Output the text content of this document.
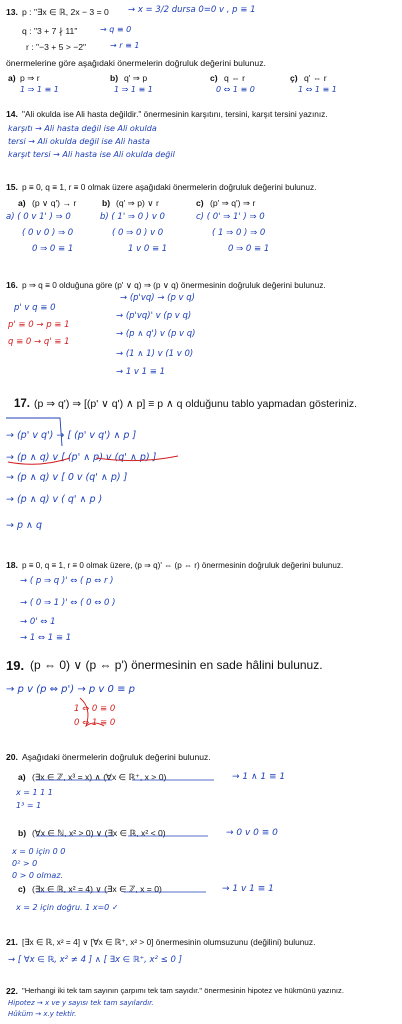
13. p : "∃x ∈ ℝ, 2x − 3 = 0 → x = 3/2 dursa 0=0 v , p ≡ 1
q : "3 + 7 ∤ 11"	→ q ≡ 0
r : "−3 + 5 > −2"	→ r ≡ 1
önermelerine göre aşağıdaki önermelerin doğruluk değerini bulunuz.
a) p ⇒ r
1 ⇒ 1 ≡ 1
b) q' ⇒ p
1 ⇒ 1 ≡ 1
c) q ⇔ r
0 ⇔ 1 ≡ 0
ç) q' ⇔ r
1 ⇔ 1 ≡ 1
14. "Ali okulda ise Ali hasta değildir." önermesinin karşıtını, tersini, karşıt tersini yazınız.
karşıtı → Ali hasta değil ise Ali okulda
tersi → Ali okulda değil ise Ali hasta
karşıt tersi → Ali hasta ise Ali okulda değil
15. p ≡ 0, q ≡ 1, r ≡ 0 olmak üzere aşağıdaki önermelerin doğruluk değerini bulunuz.
a) (p ∨ q') → r
a) ( 0 v 1' ) ⇒ 0
( 0 v 0 ) ⇒ 0
0 ⇒ 0 ≡ 1
b) (q' ⇒ p) ∨ r
b) ( 1' ⇒ 0 ) v 0
( 0 ⇒ 0 ) v 0
1 v 0 ≡ 1
c) (p' ⇒ q') ⇒ r
c) ( 0' ⇒ 1' ) ⇒ 0
( 1 ⇒ 0 ) ⇒ 0
0 ⇒ 0 ≡ 1
16. p ⇒ q ≡ 0 olduğuna göre (p' ∨ q) ⇒ (p ∨ q) önermesinin doğruluk değerini bulunuz.
p' v q ≡ 0
p' ≡ 0 → p ≡ 1
q ≡ 0 → q' ≡ 1
→ (p'vq) → (p v q)
→ (p'vq)' v (p v q)
→ (p ∧ q') v (p v q)
→ (1 ∧ 1) v (1 v 0)
→ 1 v 1 ≡ 1
17. (p ⇒ q') ⇒ [(p' ∨ q') ∧ p] ≡ p ∧ q olduğunu tablo yapmadan gösteriniz.
→ (p' v q') → [ (p' v q') ∧ p ]
→ (p ∧ q) v [ (p' ∧ p) v (q' ∧ p) ]
→ (p ∧ q) v [ 0 v (q' ∧ p) ]
→ (p ∧ q) v ( q' ∧ p )
→ p ∧ q
18. p ≡ 0, q ≡ 1, r ≡ 0 olmak üzere, (p ⇒ q)' ⇔ (p ⇔ r) önermesinin doğruluk değerini bulunuz.
→ ( p ⇒ q )' ⇔ ( p ⇔ r )
→ ( 0 ⇒ 1 )' ⇔ ( 0 ⇔ 0 )
→ 0' ⇔ 1
→ 1 ⇔ 1 ≡ 1
19. (p ⇔ 0) ∨ (p ⇔ p') önermesinin en sade hâlini bulunuz.
→ p v (p ⇔ p') → p v 0 ≡ p
1 ⇔ 0 ≡ 0
0 ⇔ 1 ≡ 0
20. Aşağıdaki önermelerin doğruluk değerini bulunuz.
a) (∃x ∈ ℤ, x³ = x) ∧ (∀x ∈ ℝ⁺, x > 0)	→ 1 ∧ 1 ≡ 1
x = 1 1 1
1³ = 1
b) (∀x ∈ ℕ, x² > 0) ∨ (∃x ∈ ℝ, x² < 0)	→ 0 v 0 ≡ 0
x = 0 için 0 0
0² > 0
0 > 0 olmaz.
c) (∃x ∈ ℝ, x² = 4) ∨ (∃x ∈ ℤ, x = 0)	→ 1 v 1 ≡ 1
x = 2 için doğru. 1 x=0 ✓
21. [∃x ∈ ℝ, x² = 4] ∨ [∀x ∈ ℝ⁺, x² > 0] önermesinin olumsuzunu (değilini) bulunuz.
→ [ ∀x ∈ ℝ, x² ≠ 4 ] ∧ [ ∃x ∈ ℝ⁺, x² ≤ 0 ]
22. "Herhangi iki tek tam sayının çarpımı tek tam sayıdır." önermesinin hipotez ve hükmünü yazınız.
Hipotez → x ve y sayısı tek tam sayılardır.
Hüküm → x.y tektir.
